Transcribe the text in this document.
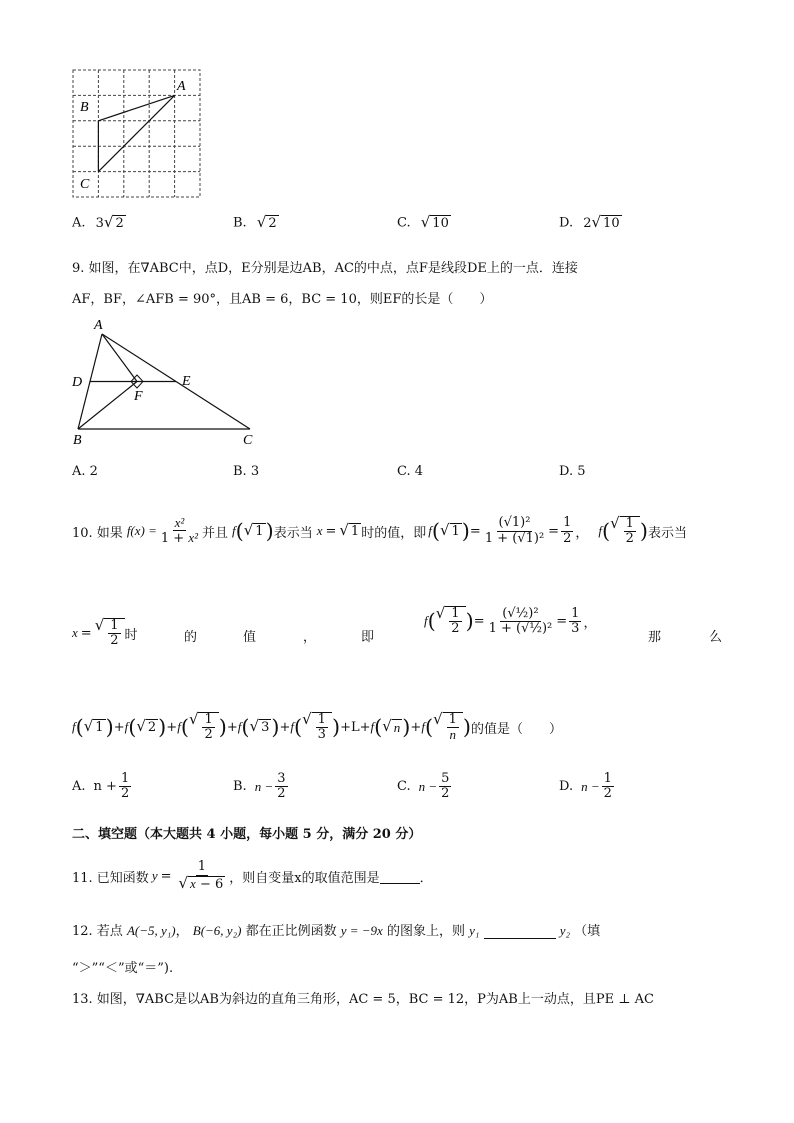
A
B
C
A. 3 √ 2	B. √ 2	C. √ 10	D. 2 √ 10
9. 如图，在∇ABC中，点D，E分别是边AB，AC的中点，点F是线段DE上的一点．连接
AF，BF，∠AFB = 90°，且AB = 6，BC = 10，则EF的长是（　　）
A
D	E
F
B	C
A. 2	B. 3	C. 4	D. 5
10. 如果 $f(x) = \frac{\text{x²}}{\text{1 + x²}}$ 并且 f ( √ 1 ) 表示当 x = √ 1 时的值，即 f ( √ 1 ) = $\frac{\text{(√1)²}}{\text{1 + (√1)²}} = \frac{1}{2}$ ， f ( √ $\frac{1}{2}$ ) 表示当
x = √ $\frac{1}{2}$ 时	的	值	，	即
f ( √ $\frac{1}{2}$ ) = $\frac{\text{(√½)²}}{\text{1 + (√½)²}} = \frac{1}{3}$ ，
那	么
f ( √ 1 ) + f ( √ 2 ) + f ( √ $\frac{1}{2}$ ) + f ( √ 3 ) + f ( √ $\frac{1}{3}$ ) + L + f ( √ n ) + f ( √ $\frac{1}{n}$ ) 的值是（　　）
A. $n + \frac{1}{2}$	B. $n - \frac{3}{2}$	C. $n - \frac{5}{2}$	D. $n - \frac{1}{2}$
二、填空题（本大题共 4 小题，每小题 5 分，满分 20 分）
11. 已知函数 $y = \frac{1}{√ x - 6}$ ，则自变量x的取值范围是	．
12. 若点 A(−5, y₁)， B(−6, y₂) 都在正比例函数 y = −9x 的图象上，则 y₁	y₂ （填
“＞”“＜”或“＝”).
13. 如图，∇ABC是以AB为斜边的直角三角形，AC = 5，BC = 12，P为AB上一动点，且PE ⊥ AC
